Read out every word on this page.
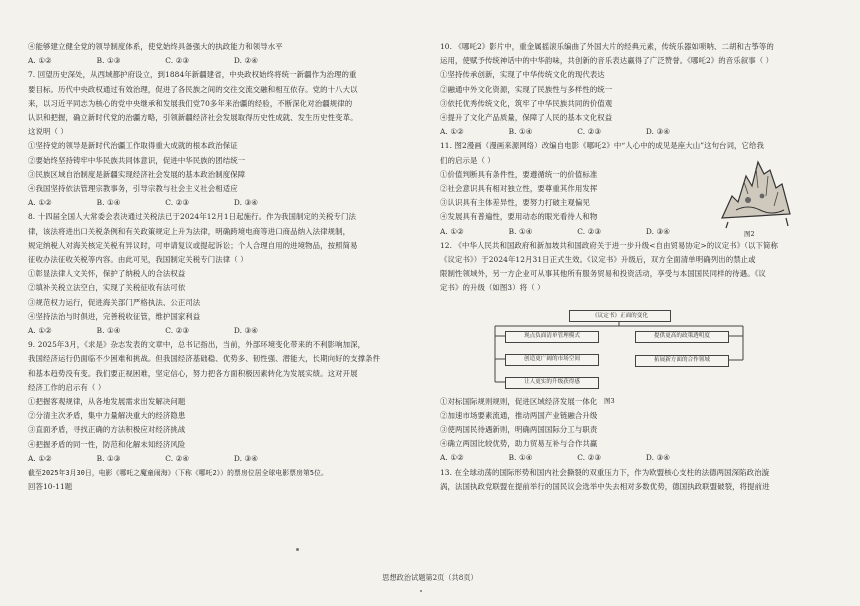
④能够建立健全党的领导制度体系，使党始终具备强大的执政能力和领导水平
A. ①②	B. ①③	C. ②③	D. ②④
7. 回望历史深处，从西域都护府设立，到1884年新疆建省，中央政权始终将统一新疆作为治理的重
要目标。历代中央政权通过有效治理，促进了各民族之间的交往交流交融和相互依存。党的十八大以
来，以习近平同志为核心的党中央继承和发展我们党70多年来治疆的经验，不断深化对治疆规律的
认识和把握，确立新时代党的治疆方略，引领新疆经济社会发展取得历史性成就、发生历史性变革。
这说明（ ）
①坚持党的领导是新时代治疆工作取得重大成就的根本政治保证
②要始终坚持铸牢中华民族共同体意识，促进中华民族的团结统一
③民族区域自治制度是新疆实现经济社会发展的基本政治制度保障
④我国坚持依法管理宗教事务，引导宗教与社会主义社会相适应
A. ①②	B. ①④	C. ②③	D. ③④
8. 十四届全国人大常委会表决通过关税法已于2024年12月1日起施行。作为我国制定的关税专门法
律，该法将进出口关税条例和有关政策规定上升为法律，明确跨境电商等进口商品纳入法律规制，
规定纳税人对海关核定关税有异议时，可申请复议或提起诉讼；个人合理自用的进境物品，按照简易
征收办法征收关税等内容。由此可见，我国制定关税专门法律（ ）
①彰显法律人文关怀，保护了纳税人的合法权益
②填补关税立法空白，实现了关税征收有法可依
③规范权力运行，促进海关部门严格执法、公正司法
④坚持法治与时俱进，完善税收征管，维护国家利益
A. ①②	B. ①④	C. ②③	D. ③④
9. 2025年3月，《求是》杂志发表的文章中，总书记指出，当前，外部环境变化带来的不利影响加深，
我国经济运行仍面临不少困难和挑战。但我国经济基础稳、优势多、韧性强、潜能大，长期向好的支撑条件
和基本趋势没有变。我们要正视困难，坚定信心，努力把各方面积极因素转化为发展实绩。这对开展
经济工作的启示有（ ）
①把握客观规律，从各地发展需求出发解决问题
②分清主次矛盾，集中力量解决重大的经济隐患
③直面矛盾，寻找正确的方法积极应对经济挑战
④把握矛盾的同一性，防范和化解未知经济风险
A. ①②	B. ①③	C. ②④	D. ③④
截至2025年3月30日，电影《哪吒之魔童闹海》（下称《哪吒2》）的票房位居全球电影票房第5位。
回答10-11题
10. 《哪吒2》影片中，重金属摇滚乐编曲了外国大片的经典元素，传统乐器如唢呐、二胡和古筝等的
运用，使赋予传统神话中的中华韵味，共创新的音乐表达赢得了广泛赞誉。《哪吒2》的音乐叙事（ ）
①坚持传承创新，实现了中华传统文化的现代表达
②融通中外文化资源，实现了民族性与多样性的统一
③依托优秀传统文化，筑牢了中华民族共同的价值观
④提升了文化产品质量，保障了人民的基本文化权益
A. ①②	B. ①④	C. ②③	D. ③④
11. 图2漫画（漫画来源网络）改编自电影《哪吒2》中“人心中的成见是座大山”这句台词，它给我
们的启示是（ ）
①价值判断具有条件性，要遵循统一的价值标准
②社会意识具有相对独立性，要尊重其作用发挥
③认识具有主体差异性，要努力打破主观偏见
④发展具有普遍性，要用动态的眼光看待人和物
A. ①②	B. ①④	C. ②③	D. ③④
12. 《中华人民共和国政府和新加坡共和国政府关于进一步升级<自由贸易协定>的议定书》（以下简称
《议定书》）于2024年12月31日正式生效。《议定书》升级后，双方全面清单明确列出的禁止或
限制性领域外，另一方企业可从事其他所有服务贸易和投资活动，享受与本国国民同样的待遇。《议
定书》的升级（如图3）将（ ）
①对标国际规则规则，促进区域经济发展一体化
②加速市场要素流通，推动两国产业链融合升级
③使两国民待遇新则，明确两国国际分工与职责
④确立两国比较优势，助力贸易互补与合作共赢
A. ①②	B. ①④	C. ②③	D. ③④
13. 在全球动荡的国际形势和国内社会撕裂的双重压力下，作为欧盟核心支柱的法德两国深陷政治漩
涡，法国执政党联盟在提前举行的国民议会选举中失去相对多数优势，德国执政联盟破裂，将提前进
图2
《议定书》正面的变化
现点负面清单管理模式
创造更广阔的市场空间
让人更实的升级获得感
提供更高的政策透明度
拓展新方面的合作领域
图3
思想政治试题第2页（共8页）
